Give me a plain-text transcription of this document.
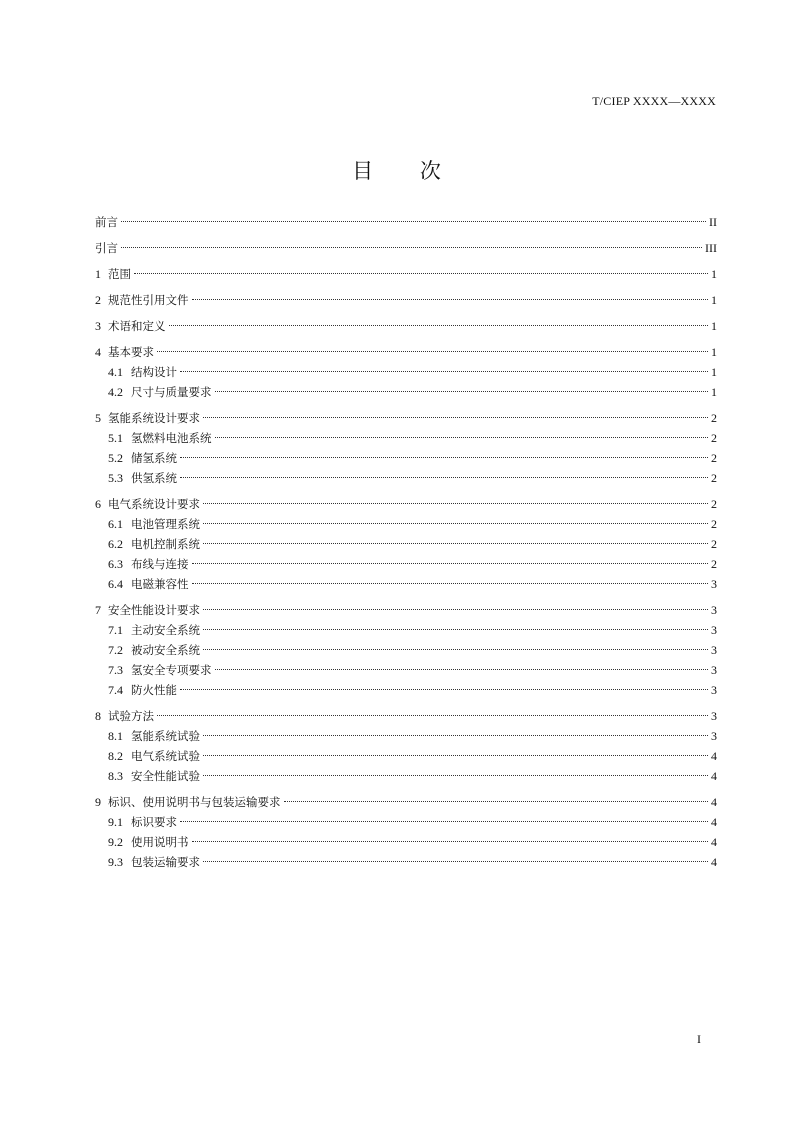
T/CIEP XXXX—XXXX
目 次
前言	II
引言	III
1 范围	1
2 规范性引用文件	1
3 术语和定义	1
4 基本要求	1
4.1 结构设计	1
4.2 尺寸与质量要求	1
5 氢能系统设计要求	2
5.1 氢燃料电池系统	2
5.2 储氢系统	2
5.3 供氢系统	2
6 电气系统设计要求	2
6.1 电池管理系统	2
6.2 电机控制系统	2
6.3 布线与连接	2
6.4 电磁兼容性	3
7 安全性能设计要求	3
7.1 主动安全系统	3
7.2 被动安全系统	3
7.3 氢安全专项要求	3
7.4 防火性能	3
8 试验方法	3
8.1 氢能系统试验	3
8.2 电气系统试验	4
8.3 安全性能试验	4
9 标识、使用说明书与包装运输要求	4
9.1 标识要求	4
9.2 使用说明书	4
9.3 包装运输要求	4
I
